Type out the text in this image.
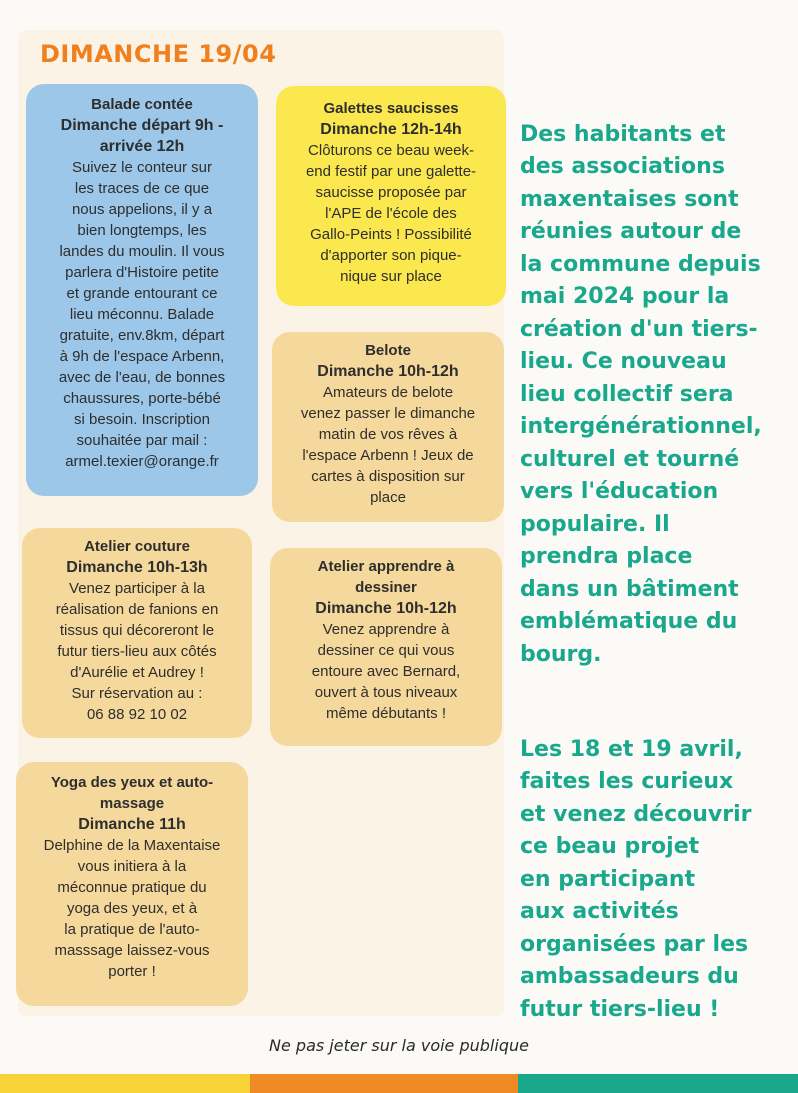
DIMANCHE 19/04
Balade contée
Dimanche départ 9h -
arrivée 12h
Suivez le conteur sur
les traces de ce que
nous appelions, il y a
bien longtemps, les
landes du moulin. Il vous
parlera d'Histoire petite
et grande entourant ce
lieu méconnu. Balade
gratuite, env.8km, départ
à 9h de l'espace Arbenn,
avec de l'eau, de bonnes
chaussures, porte-bébé
si besoin. Inscription
souhaitée par mail :
armel.texier@orange.fr
Galettes saucisses
Dimanche 12h-14h
Clôturons ce beau week-
end festif par une galette-
saucisse proposée par
l'APE de l'école des
Gallo-Peints ! Possibilité
d'apporter son pique-
nique sur place
Belote
Dimanche 10h-12h
Amateurs de belote
venez passer le dimanche
matin de vos rêves à
l'espace Arbenn ! Jeux de
cartes à disposition sur
place
Atelier couture
Dimanche 10h-13h
Venez participer à la
réalisation de fanions en
tissus qui décoreront le
futur tiers-lieu aux côtés
d'Aurélie et Audrey !
Sur réservation au :
06 88 92 10 02
Atelier apprendre à
dessiner
Dimanche 10h-12h
Venez apprendre à
dessiner ce qui vous
entoure avec Bernard,
ouvert à tous niveaux
même débutants !
Yoga des yeux et auto-
massage
Dimanche 11h
Delphine de la Maxentaise
vous initiera à la
méconnue pratique du
yoga des yeux, et à
la pratique de l'auto-
masssage laissez-vous
porter !

Des habitants et
des associations
maxentaises sont
réunies autour de
la commune depuis
mai 2024 pour la
création d'un tiers-
lieu. Ce nouveau
lieu collectif sera
intergénérationnel,
culturel et tourné
vers l'éducation
populaire. Il
prendra place
dans un bâtiment
emblématique du
bourg.

Les 18 et 19 avril,
faites les curieux
et venez découvrir
ce beau projet
en participant
aux activités
organisées par les
ambassadeurs du
futur tiers-lieu !

Ne pas jeter sur la voie publique
